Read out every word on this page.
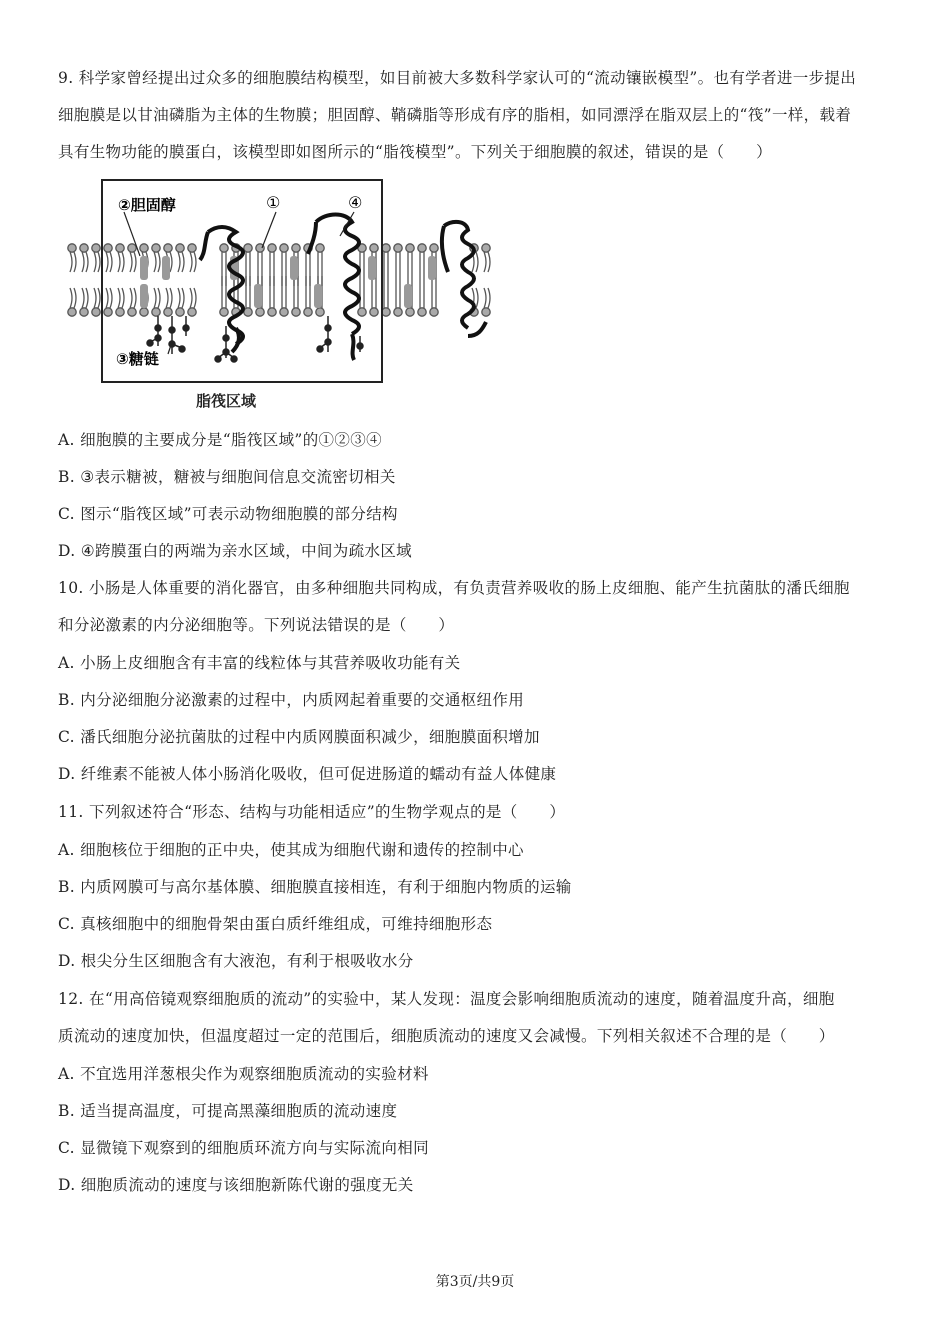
9. 科学家曾经提出过众多的细胞膜结构模型，如目前被大多数科学家认可的“流动镶嵌模型”。也有学者进一步提出
细胞膜是以甘油磷脂为主体的生物膜；胆固醇、鞘磷脂等形成有序的脂相，如同漂浮在脂双层上的“筏”一样，载着
具有生物功能的膜蛋白，该模型即如图所示的“脂筏模型”。下列关于细胞膜的叙述，错误的是（　　）
②胆固醇	①	④
③糖链
脂筏区域
A. 细胞膜的主要成分是“脂筏区域”的①②③④
B. ③表示糖被，糖被与细胞间信息交流密切相关
C. 图示“脂筏区域”可表示动物细胞膜的部分结构
D. ④跨膜蛋白的两端为亲水区域，中间为疏水区域
10. 小肠是人体重要的消化器官，由多种细胞共同构成，有负责营养吸收的肠上皮细胞、能产生抗菌肽的潘氏细胞
和分泌激素的内分泌细胞等。下列说法错误的是（　　）
A. 小肠上皮细胞含有丰富的线粒体与其营养吸收功能有关
B. 内分泌细胞分泌激素的过程中，内质网起着重要的交通枢纽作用
C. 潘氏细胞分泌抗菌肽的过程中内质网膜面积减少，细胞膜面积增加
D. 纤维素不能被人体小肠消化吸收，但可促进肠道的蠕动有益人体健康
11. 下列叙述符合“形态、结构与功能相适应”的生物学观点的是（　　）
A. 细胞核位于细胞的正中央，使其成为细胞代谢和遗传的控制中心
B. 内质网膜可与高尔基体膜、细胞膜直接相连，有利于细胞内物质的运输
C. 真核细胞中的细胞骨架由蛋白质纤维组成，可维持细胞形态
D. 根尖分生区细胞含有大液泡，有利于根吸收水分
12. 在“用高倍镜观察细胞质的流动”的实验中，某人发现：温度会影响细胞质流动的速度，随着温度升高，细胞
质流动的速度加快，但温度超过一定的范围后，细胞质流动的速度又会减慢。下列相关叙述不合理的是（　　）
A. 不宜选用洋葱根尖作为观察细胞质流动的实验材料
B. 适当提高温度，可提高黑藻细胞质的流动速度
C. 显微镜下观察到的细胞质环流方向与实际流向相同
D. 细胞质流动的速度与该细胞新陈代谢的强度无关
第3页/共9页
